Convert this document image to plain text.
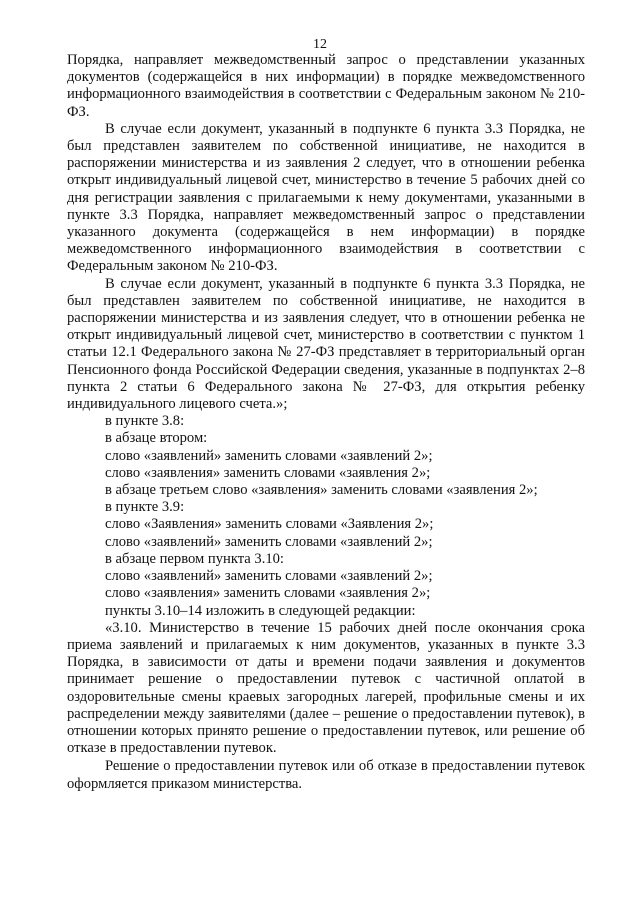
12

Порядка, направляет межведомственный запрос о представлении указанных документов (содержащейся в них информации) в порядке межведомственного информационного взаимодействия в соответствии с Федеральным законом № 210-ФЗ.

В случае если документ, указанный в подпункте 6 пункта 3.3 Порядка, не был представлен заявителем по собственной инициативе, не находится в распоряжении министерства и из заявления 2 следует, что в отношении ребенка открыт индивидуальный лицевой счет, министерство в течение 5 рабочих дней со дня регистрации заявления с прилагаемыми к нему документами, указанными в пункте 3.3 Порядка, направляет межведомственный запрос о представлении указанного документа (содержащейся в нем информации) в порядке межведомственного информационного взаимодействия в соответствии с Федеральным законом № 210-ФЗ.

В случае если документ, указанный в подпункте 6 пункта 3.3 Порядка, не был представлен заявителем по собственной инициативе, не находится в распоряжении министерства и из заявления следует, что в отношении ребенка не открыт индивидуальный лицевой счет, министерство в соответствии с пунктом 1 статьи 12.1 Федерального закона № 27-ФЗ представляет в территориальный орган Пенсионного фонда Российской Федерации сведения, указанные в подпунктах 2–8 пункта 2 статьи 6 Федерального закона № 27-ФЗ, для открытия ребенку индивидуального лицевого счета.»;

в пункте 3.8:

в абзаце втором:

слово «заявлений» заменить словами «заявлений 2»;

слово «заявления» заменить словами «заявления 2»;

в абзаце третьем слово «заявления» заменить словами «заявления 2»;

в пункте 3.9:

слово «Заявления» заменить словами «Заявления 2»;

слово «заявлений» заменить словами «заявлений 2»;

в абзаце первом пункта 3.10:

слово «заявлений» заменить словами «заявлений 2»;

слово «заявления» заменить словами «заявления 2»;

пункты 3.10–14 изложить в следующей редакции:

«3.10. Министерство в течение 15 рабочих дней после окончания срока приема заявлений и прилагаемых к ним документов, указанных в пункте 3.3 Порядка, в зависимости от даты и времени подачи заявления и документов принимает решение о предоставлении путевок с частичной оплатой в оздоровительные смены краевых загородных лагерей, профильные смены и их распределении между заявителями (далее – решение о предоставлении путевок), в отношении которых принято решение о предоставлении путевок, или решение об отказе в предоставлении путевок.

Решение о предоставлении путевок или об отказе в предоставлении путевок оформляется приказом министерства.
